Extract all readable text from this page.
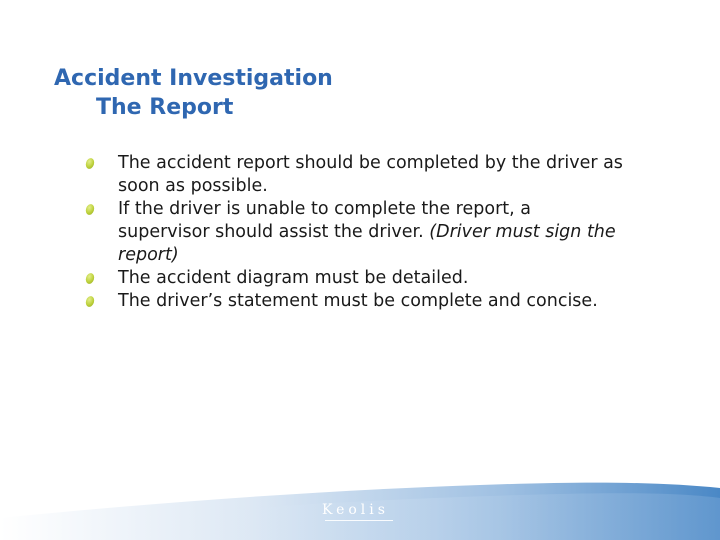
Accident Investigation
The Report
The accident report should be completed by the driver as soon as possible.
If the driver is unable to complete the report, a supervisor should assist the driver. (Driver must sign the report)
The accident diagram must be detailed.
The driver’s statement must be complete and concise.
Keolis
